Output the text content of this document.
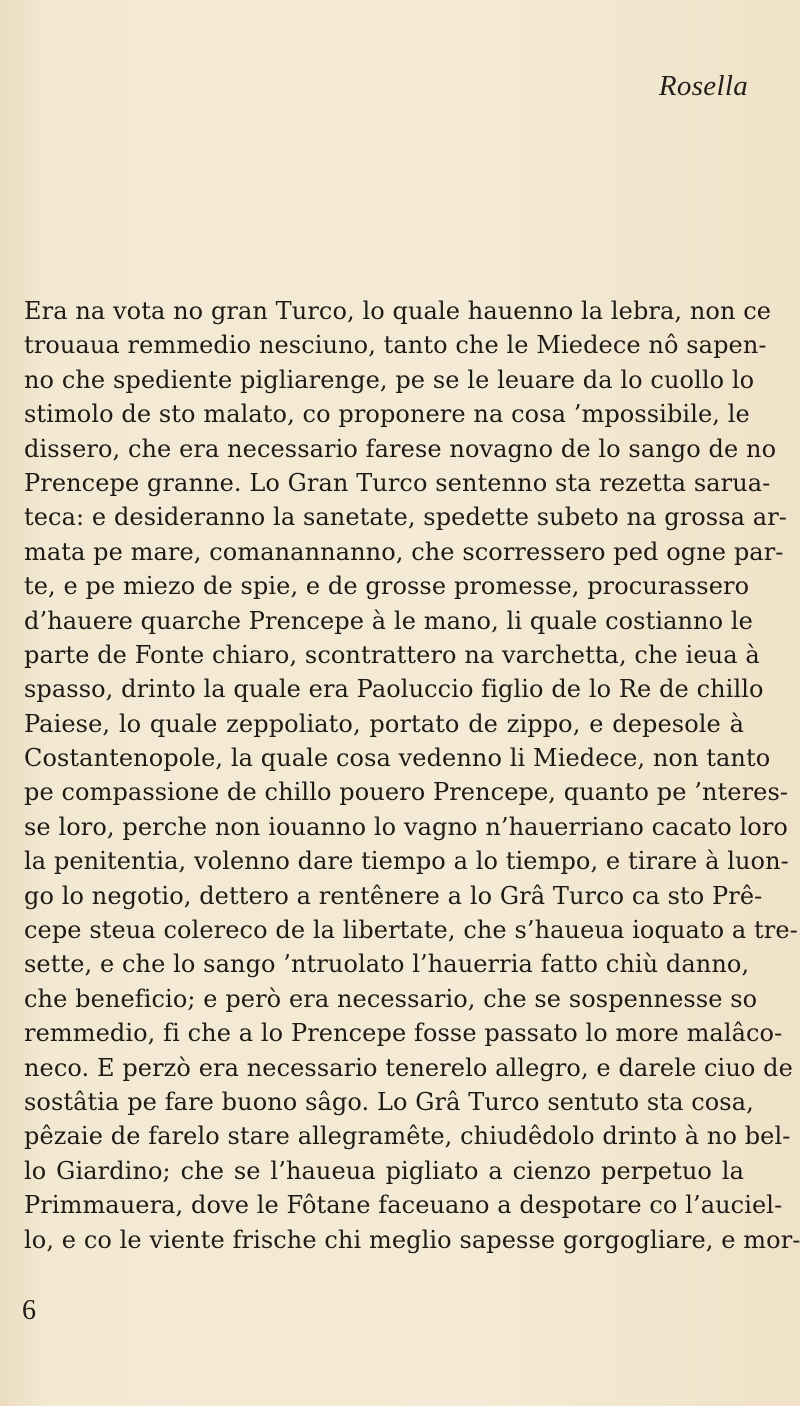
Rosella
Era na vota no gran Turco, lo quale hauenno la lebra, non ce
trouaua remmedio nesciuno, tanto che le Miedece nô sapen-
no che spediente pigliarenge, pe se le leuare da lo cuollo lo
stimolo de sto malato, co proponere na cosa ’mpossibile, le
dissero, che era necessario farese novagno de lo sango de no
Prencepe granne. Lo Gran Turco sentenno sta rezetta sarua-
teca: e desideranno la sanetate, spedette subeto na grossa ar-
mata pe mare, comanannanno, che scorressero ped ogne par-
te, e pe miezo de spie, e de grosse promesse, procurassero
d’hauere quarche Prencepe à le mano, li quale costianno le
parte de Fonte chiaro, scontrattero na varchetta, che ieua à
spasso, drinto la quale era Paoluccio figlio de lo Re de chillo
Paiese, lo quale zeppoliato, portato de zippo, e depesole à
Costantenopole, la quale cosa vedenno li Miedece, non tanto
pe compassione de chillo pouero Prencepe, quanto pe ’nteres-
se loro, perche non iouanno lo vagno n’hauerriano cacato loro
la penitentia, volenno dare tiempo a lo tiempo, e tirare à luon-
go lo negotio, dettero a rentênere a lo Grâ Turco ca sto Prê-
cepe steua colereco de la libertate, che s’haueua ioquato a tre-
sette, e che lo sango ’ntruolato l’hauerria fatto chiù danno,
che beneficio; e però era necessario, che se sospennesse so
remmedio, fi che a lo Prencepe fosse passato lo more malâco-
neco. E perzò era necessario tenerelo allegro, e darele ciuo de
sostâtia pe fare buono sâgo. Lo Grâ Turco sentuto sta cosa,
pêzaie de farelo stare allegramête, chiudêdolo drinto à no bel-
lo Giardino; che se l’haueua pigliato a cienzo perpetuo la
Primmauera, dove le Fôtane faceuano a despotare co l’auciel-
lo, e co le viente frische chi meglio sapesse gorgogliare, e mor-
6
